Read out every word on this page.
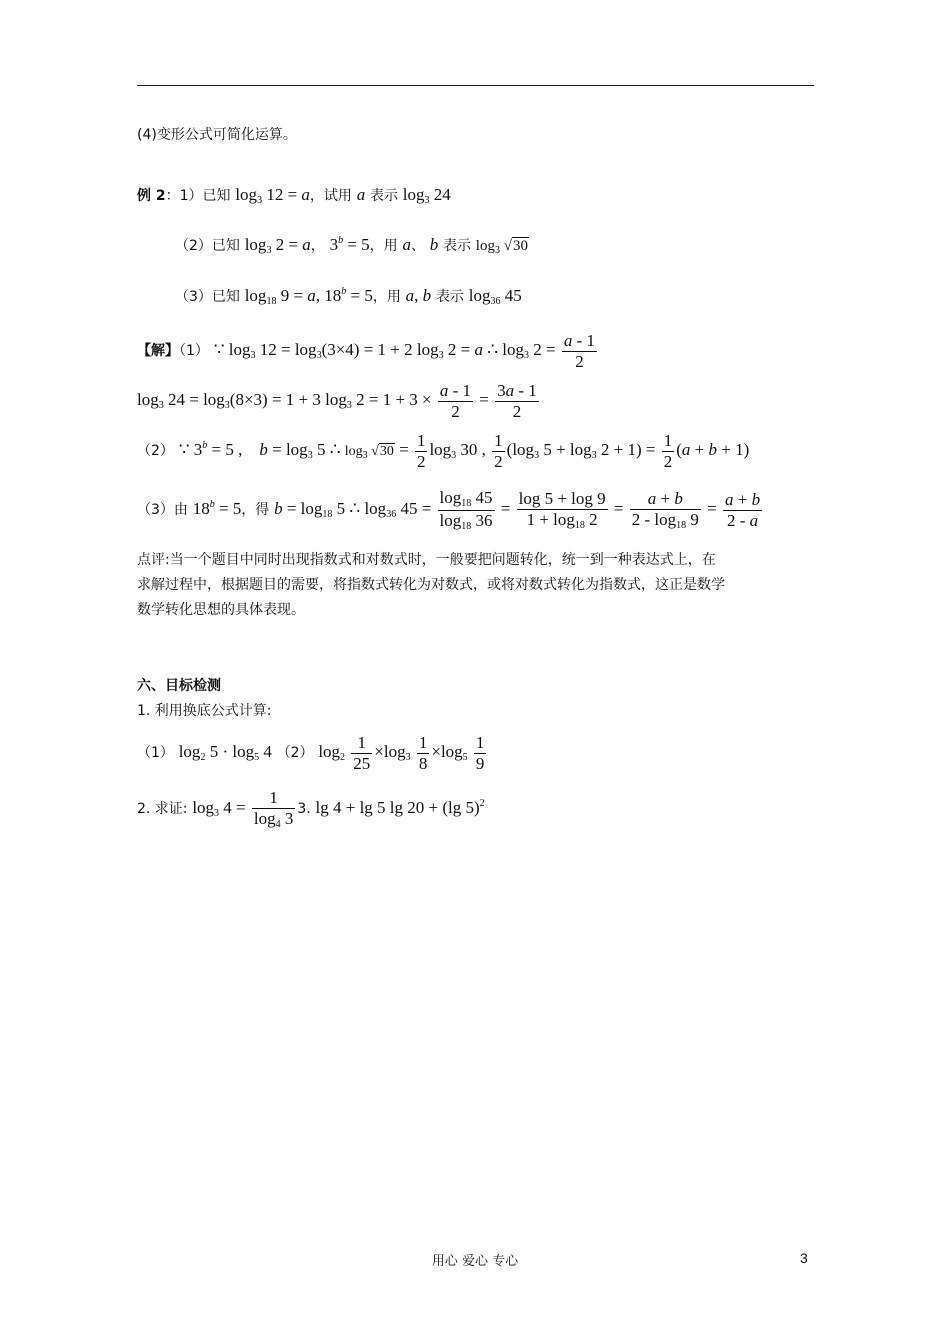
(4)变形公式可简化运算。
例 2：1）已知 $\log_3 12 = a$，试用 a 表示 $\log_3 24$
（2）已知 $\log_3 2 = a$， $3^b = 5$，用 a、 b 表示 $\log_3 √30$
（3）已知 $\log_{18} 9 = a$, $18^b = 5$，用 a, b 表示 $\log_{36} 45$
【解】（1） ∵ $\log_3 12 = \log_3(3\times 4) = 1 + 2$ $\log_3 2 = a$ ∴ $\log_3 2 = \frac{a - 1}{2}$
$\log_3 24 = \log_3(8\times 3) = 1 + 3$ $\log_3 2 = 1 + 3 \times \frac{a - 1}{2} = \frac{3a - 1}{2}$
（2） ∵ $3^b = 5$ ,    $b = \log_3 5$ ∴ $\log_3 √30 = \frac{1}{2} \log_3 30$ , $\frac{1}{2} (\log_3$ $5 + \log_3 2 + 1) = \frac{1}{2} (a + b + 1)$
（3）由 $18^b = 5$，得 $b = \log_{18} 5$ ∴ $\log_{36} 45 = \frac{\log_{18} 45}{\log_{18} 36} = \frac{\log 5 + \log 9}{1 + \log_{18} 2} = \frac{a + b}{2 - \log_{18} 9} = \frac{a + b}{2 - a}$
点评:当一个题目中同时出现指数式和对数式时，一般要把问题转化，统一到一种表达式上，在
求解过程中，根据题目的需要，将指数式转化为对数式，或将对数式转化为指数式，这正是数学
数学转化思想的具体表现。
六、目标检测
1. 利用换底公式计算:
（1） $\log_2 5 \cdot \log_5 4$ （2） $\log_2 \frac{1}{25} \times\log_3 \frac{1}{8} \times\log_5 \frac{1}{9}$
2. 求证: $\log_3 4 = \frac{1}{\log_4 3} 3$. lg 4 + lg 5 lg 20 + (lg 5)$^2$
用心 爱心 专心	3
